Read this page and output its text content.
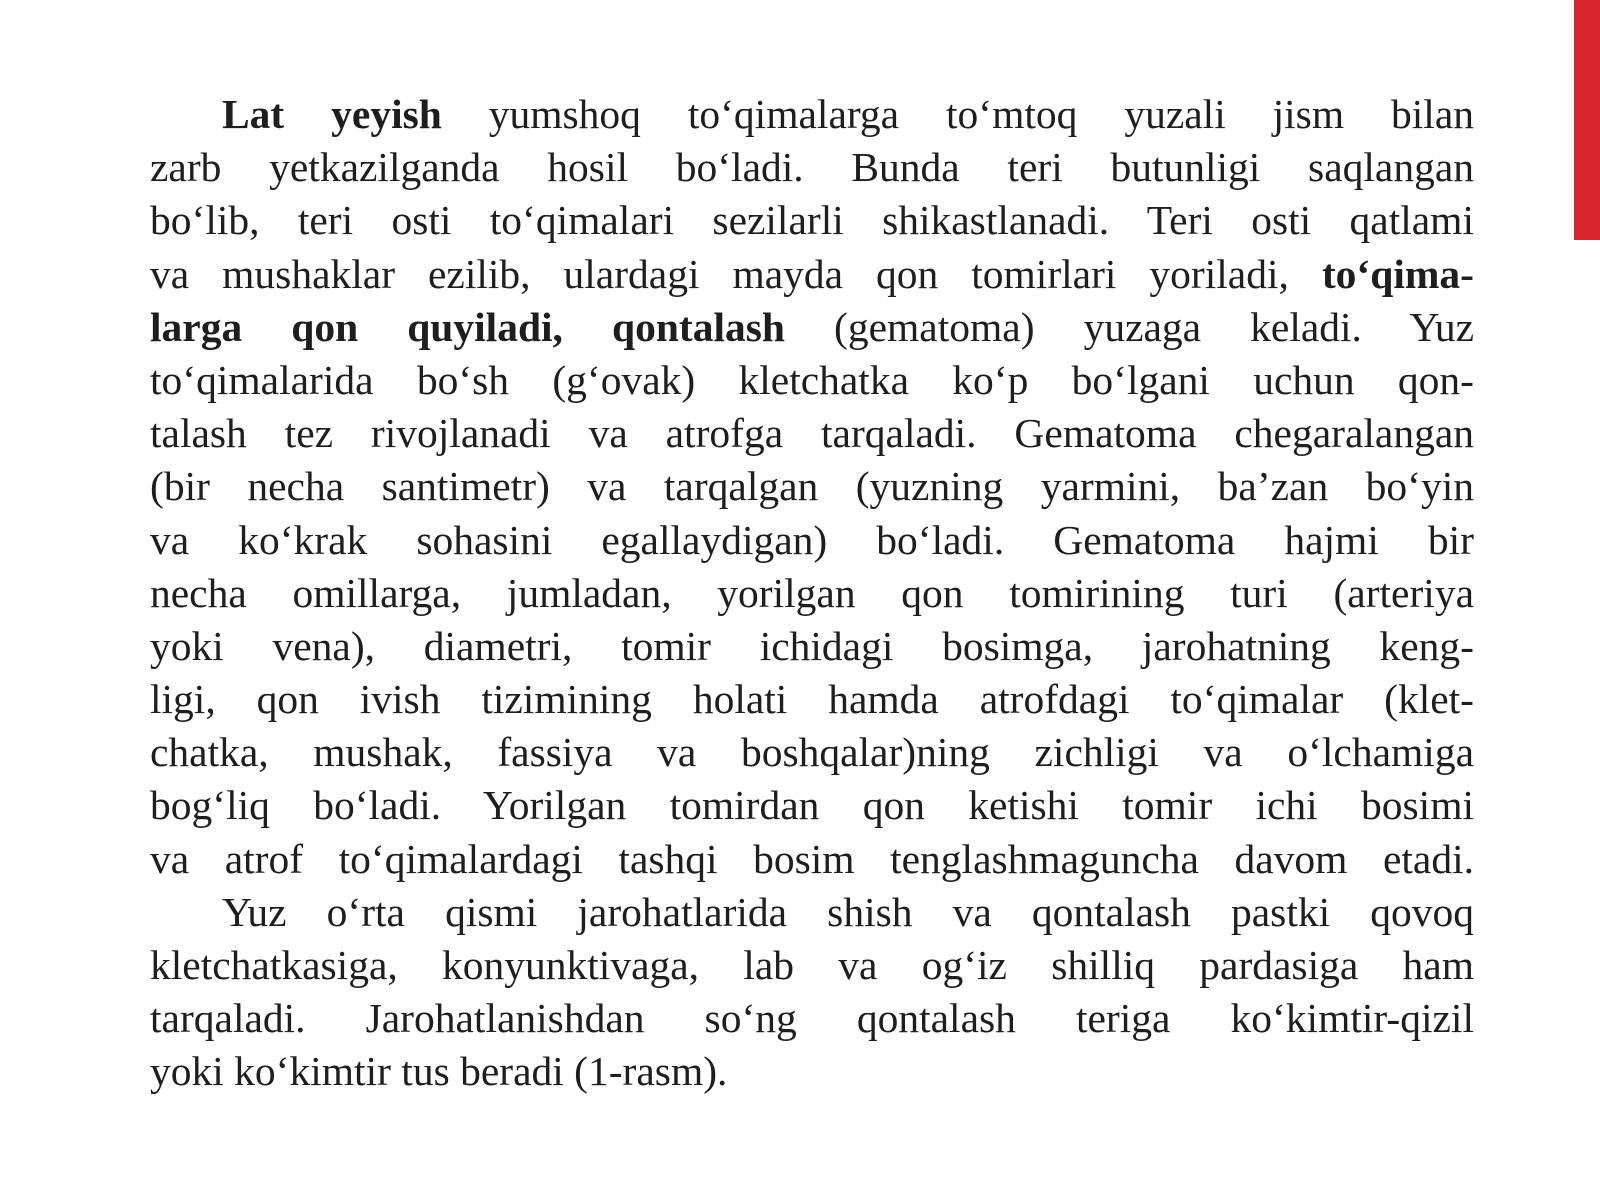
Lat yeyish yumshoq to‘qimalarga to‘mtoq yuzali jism bilan
zarb yetkazilganda hosil bo‘ladi. Bunda teri butunligi saqlangan
bo‘lib, teri osti to‘qimalari sezilarli shikastlanadi. Teri osti qatlami
va mushaklar ezilib, ulardagi mayda qon tomirlari yoriladi, to‘qima-
larga qon quyiladi, qontalash (gematoma) yuzaga keladi. Yuz
to‘qimalarida bo‘sh (g‘ovak) kletchatka ko‘p bo‘lgani uchun qon-
talash tez rivojlanadi va atrofga tarqaladi. Gematoma chegaralangan
(bir necha santimetr) va tarqalgan (yuzning yarmini, ba’zan bo‘yin
va ko‘krak sohasini egallaydigan) bo‘ladi. Gematoma hajmi bir
necha omillarga, jumladan, yorilgan qon tomirining turi (arteriya
yoki vena), diametri, tomir ichidagi bosimga, jarohatning keng-
ligi, qon ivish tizimining holati hamda atrofdagi to‘qimalar (klet-
chatka, mushak, fassiya va boshqalar)ning zichligi va o‘lchamiga
bog‘liq bo‘ladi. Yorilgan tomirdan qon ketishi tomir ichi bosimi
va atrof to‘qimalardagi tashqi bosim tenglashmaguncha davom etadi.
Yuz o‘rta qismi jarohatlarida shish va qontalash pastki qovoq
kletchatkasiga, konyunktivaga, lab va og‘iz shilliq pardasiga ham
tarqaladi. Jarohatlanishdan so‘ng qontalash teriga ko‘kimtir-qizil
yoki ko‘kimtir tus beradi (1-rasm).
